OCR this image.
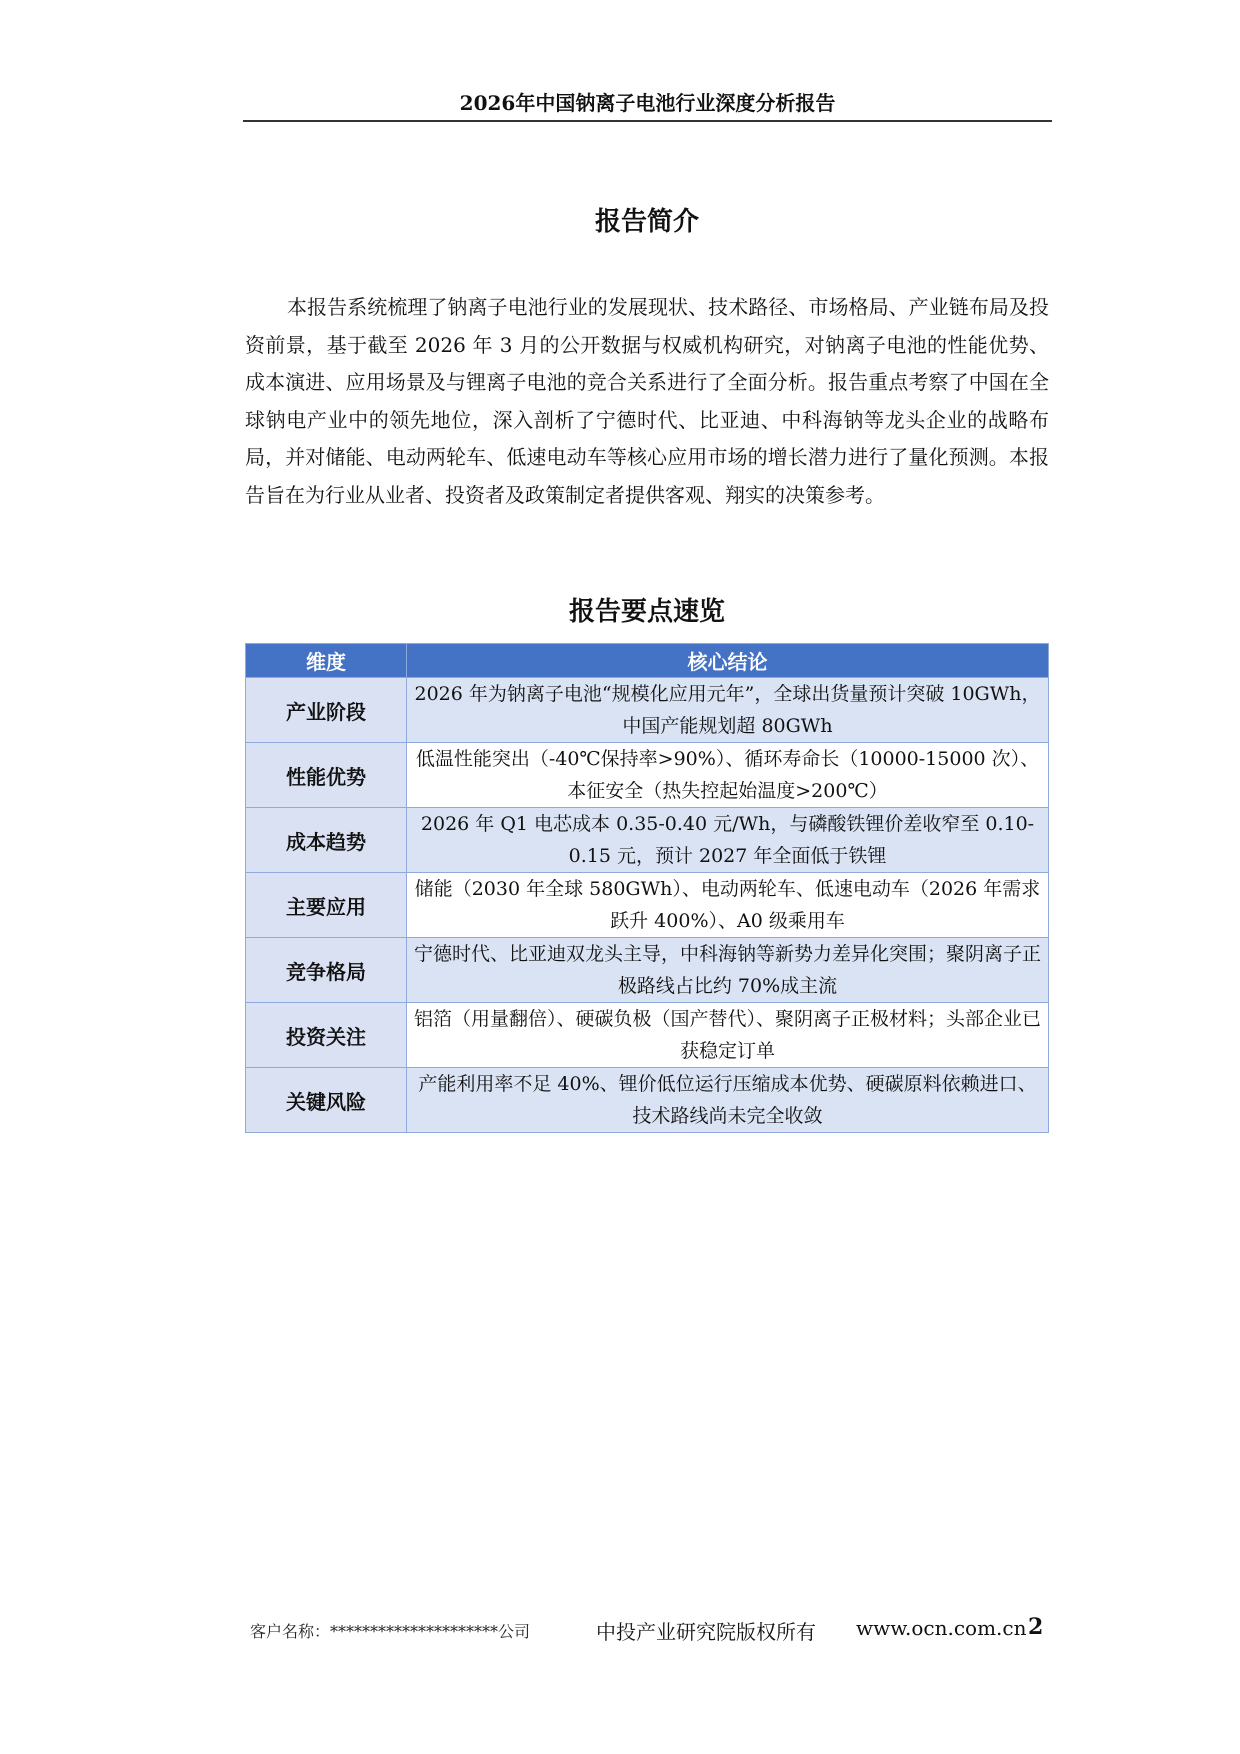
2026年中国钠离子电池行业深度分析报告
报告简介

本报告系统梳理了钠离子电池行业的发展现状、技术路径、市场格局、产业链布局及投资前景，基于截至 2026 年 3 月的公开数据与权威机构研究，对钠离子电池的性能优势、成本演进、应用场景及与锂离子电池的竞合关系进行了全面分析。报告重点考察了中国在全球钠电产业中的领先地位，深入剖析了宁德时代、比亚迪、中科海钠等龙头企业的战略布局，并对储能、电动两轮车、低速电动车等核心应用市场的增长潜力进行了量化预测。本报告旨在为行业从业者、投资者及政策制定者提供客观、翔实的决策参考。

报告要点速览
维度	核心结论
产业阶段	2026 年为钠离子电池“规模化应用元年”，全球出货量预计突破 10GWh，中国产能规划超 80GWh
性能优势	低温性能突出（-40℃保持率>90%）、循环寿命长（10000-15000 次）、本征安全（热失控起始温度>200℃）
成本趋势	2026 年 Q1 电芯成本 0.35-0.40 元/Wh，与磷酸铁锂价差收窄至 0.10-0.15 元，预计 2027 年全面低于铁锂
主要应用	储能（2030 年全球 580GWh）、电动两轮车、低速电动车（2026 年需求跃升 400%）、A0 级乘用车
竞争格局	宁德时代、比亚迪双龙头主导，中科海钠等新势力差异化突围；聚阴离子正极路线占比约 70%成主流
投资关注	铝箔（用量翻倍）、硬碳负极（国产替代）、聚阴离子正极材料；头部企业已获稳定订单
关键风险	产能利用率不足 40%、锂价低位运行压缩成本优势、硬碳原料依赖进口、技术路线尚未完全收敛
客户名称：*********************公司	中投产业研究院版权所有 www.ocn.com.cn 2
